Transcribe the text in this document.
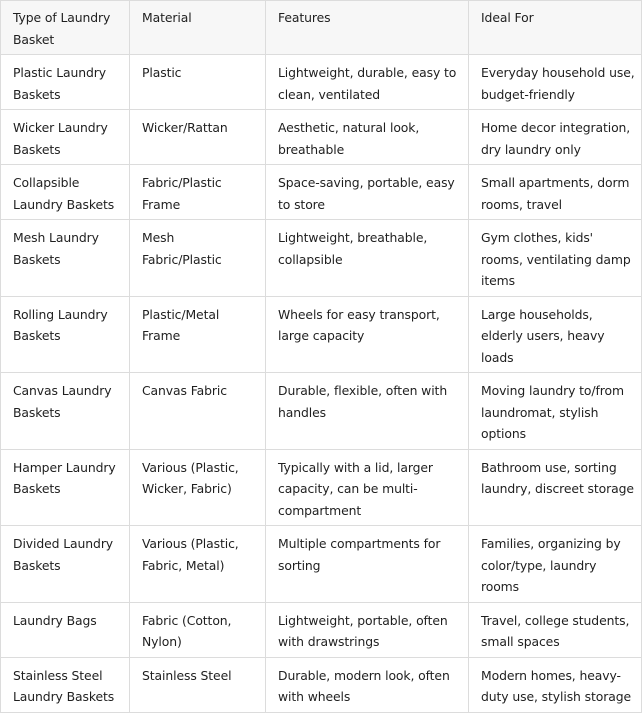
Type of Laundry Basket	Material	Features	Ideal For
Plastic Laundry Baskets	Plastic	Lightweight, durable, easy to clean, ventilated	Everyday household use, budget-friendly
Wicker Laundry Baskets	Wicker/Rattan	Aesthetic, natural look, breathable	Home decor integration, dry laundry only
Collapsible Laundry Baskets	Fabric/Plastic Frame	Space-saving, portable, easy to store	Small apartments, dorm rooms, travel
Mesh Laundry Baskets	Mesh Fabric/Plastic	Lightweight, breathable, collapsible	Gym clothes, kids' rooms, ventilating damp items
Rolling Laundry Baskets	Plastic/Metal Frame	Wheels for easy transport, large capacity	Large households, elderly users, heavy loads
Canvas Laundry Baskets	Canvas Fabric	Durable, flexible, often with handles	Moving laundry to/from laundromat, stylish options
Hamper Laundry Baskets	Various (Plastic, Wicker, Fabric)	Typically with a lid, larger capacity, can be multi-compartment	Bathroom use, sorting laundry, discreet storage
Divided Laundry Baskets	Various (Plastic, Fabric, Metal)	Multiple compartments for sorting	Families, organizing by color/type, laundry rooms
Laundry Bags	Fabric (Cotton, Nylon)	Lightweight, portable, often with drawstrings	Travel, college students, small spaces
Stainless Steel Laundry Baskets	Stainless Steel	Durable, modern look, often with wheels	Modern homes, heavy-duty use, stylish storage
